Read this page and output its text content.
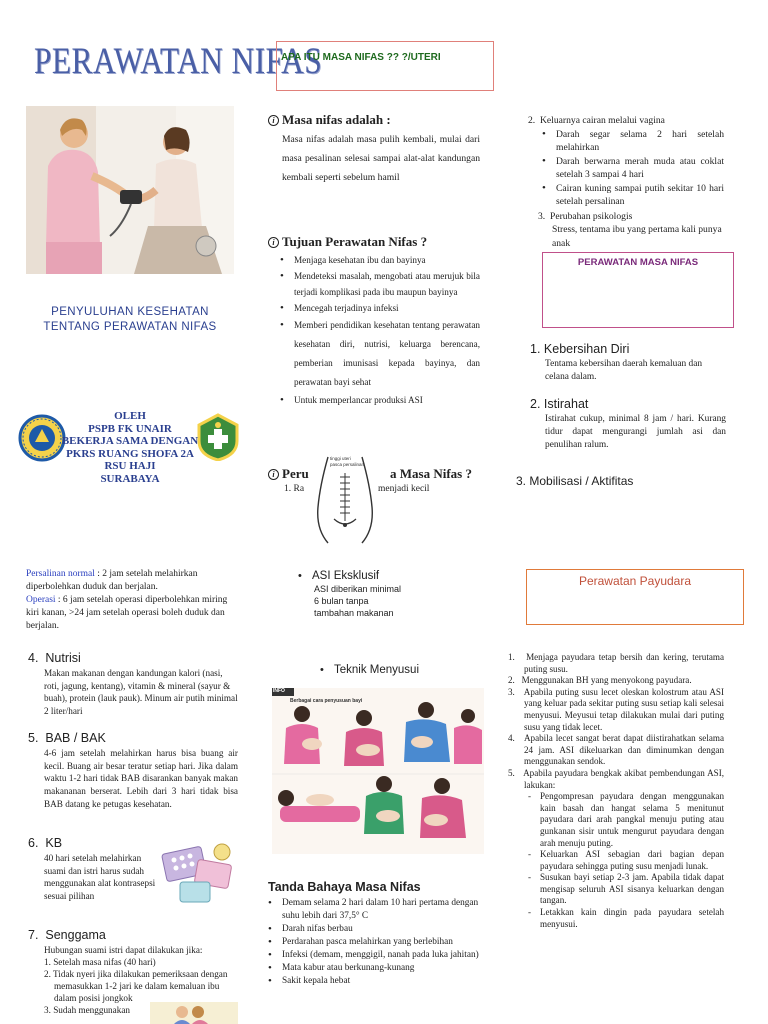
PERAWATAN NIFAS
PENYULUHAN KESEHATAN
TENTANG PERAWATAN NIFAS
OLEH
PSPB FK UNAIR
BEKERJA SAMA DENGAN
PKRS RUANG SHOFA 2A
RSU HAJI
SURABAYA
APA ITU MASA NIFAS ?? ?/UTERI
i Masa nifas adalah :

Masa nifas adalah masa pulih kembali, mulai dari masa pesalinan selesai sampai alat-alat kandungan kembali seperti sebelum hamil

i Tujuan Perawatan Nifas ?
• Menjaga kesehatan ibu dan bayinya
• Mendeteksi masalah, mengobati atau merujuk bila terjadi komplikasi pada ibu maupun bayinya
• Mencegah terjadinya infeksi
• Memberi pendidikan kesehatan tentang perawatan kesehatan diri, nutrisi, keluarga berencana, pemberian imunisasi kepada bayinya, dan perawatan bayi sehat
• Untuk memperlancar produksi ASI
i Peru	a Masa Nifas ?
1. Ra	menjadi kecil
tinggi uteri
pasca persalinan
2.  Keluarnya cairan melalui vagina
• Darah segar selama 2 hari setelah melahirkan
• Darah berwarna merah muda atau coklat setelah 3 sampai 4 hari
• Cairan kuning sampai putih sekitar 10 hari setelah persalinan
3.  Perubahan psikologis
Stress, tentama ibu yang pertama kali punya anak
PERAWATAN MASA NIFAS
1. Kebersihan Diri

Tentama kebersihan daerah kemaluan dan celana dalam.

2. Istirahat

Istirahat cukup, minimal 8 jam / hari. Kurang tidur dapat mengurangi jumlah asi dan penulihan ralum.

3. Mobilisasi / Aktifitas
Persalinan normal : 2 jam setelah melahirkan diperbolehkan duduk dan berjalan.
Operasi : 6 jam setelah operasi diperbolehkan miring kiri kanan, >24 jam setelah operasi boleh duduk dan berjalan.
4.  Nutrisi

Makan makanan dengan kandungan kalori (nasi, roti, jagung, kentang), vitamin & mineral (sayur & buah), protein (lauk pauk). Minum air putih minimal 2 liter/hari

5.  BAB / BAK

4-6 jam setelah melahirkan harus bisa buang air kecil. Buang air besar teratur setiap hari. Jika dalam waktu 1-2 hari tidak BAB disarankan banyak makan makananan berserat. Lebih dari 3 hari tidak bisa BAB datang ke petugas kesehatan.

6.  KB

40 hari setelah melahirkan suami dan istri harus sudah menggunakan alat kontrasepsi sesuai pilihan

7.  Senggama
Hubungan suami istri dapat dilakukan jika:
1. Setelah masa nifas (40 hari)
2. Tidak nyeri jika dilakukan pemeriksaan dengan memasukkan 1-2 jari ke dalam kemaluan ibu dalam posisi jongkok
3. Sudah menggunakan
• ASI Eksklusif

ASI diberikan minimal 6 bulan tanpa tambahan makanan

• Teknik Menyusui
INFO
Berbagai cara penyusuan bayi
Tanda Bahaya Masa Nifas
• Demam selama 2 hari dalam 10 hari pertama dengan suhu lebih dari 37,5° C
• Darah nifas berbau
• Perdarahan pasca melahirkan yang berlebihan
• Infeksi (demam, menggigil, nanah pada luka jahitan)
• Mata kabur atau berkunang-kunang
• Sakit kepala hebat
Perawatan Payudara
1.   Menjaga payudara tetap bersih dan kering, terutama puting susu.
2.   Menggunakan BH yang menyokong payudara.
3.   Apabila puting susu lecet oleskan kolostrum atau ASI yang keluar pada sekitar puting susu setiap kali selesai menyusui. Meyusui tetap dilakukan mulai dari puting susu yang tidak lecet.
4.   Apabila lecet sangat berat dapat diistirahatkan selama 24 jam. ASI dikeluarkan dan diminumkan dengan menggunakan sendok.
5.   Apabila payudara bengkak akibat pembendungan ASI, lakukan:
- Pengompresan payudara dengan menggunakan kain basah dan hangat selama 5 menitunut payudara dari arah pangkal menuju puting atau gunkanan sisir untuk mengurut payudara dengan arah menuju puting.
- Keluarkan ASI sebagian dari bagian depan payudara sehingga puting susu menjadi lunak.
- Susukan bayi setiap 2-3 jam. Apabila tidak dapat mengisap seluruh ASI sisanya keluarkan dengan tangan.
- Letakkan kain dingin pada payudara setelah menyusui.
